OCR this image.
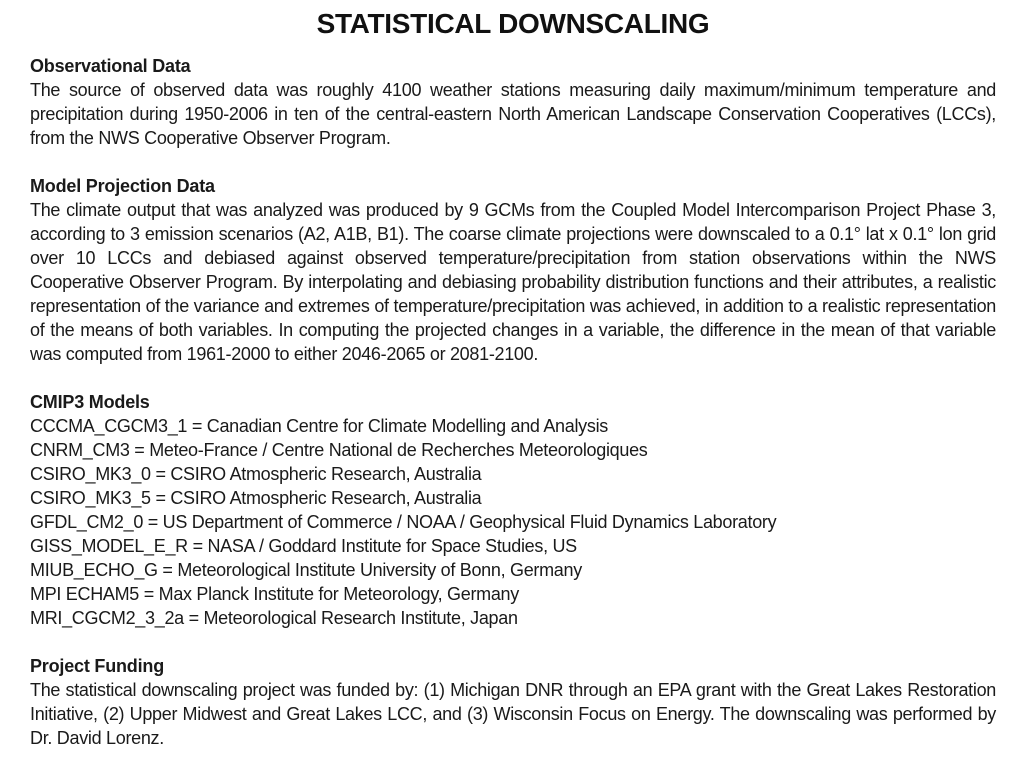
STATISTICAL DOWNSCALING
Observational Data

The source of observed data was roughly 4100 weather stations measuring daily maximum/minimum temperature and precipitation during 1950-2006 in ten of the central-eastern North American Landscape Conservation Cooperatives (LCCs), from the NWS Cooperative Observer Program.

Model Projection Data

The climate output that was analyzed was produced by 9 GCMs from the Coupled Model Intercomparison Project Phase 3, according to 3 emission scenarios (A2, A1B, B1). The coarse climate projections were downscaled to a 0.1° lat x 0.1° lon grid over 10 LCCs and debiased against observed temperature/precipitation from station observations within the NWS Cooperative Observer Program. By interpolating and debiasing probability distribution functions and their attributes, a realistic representation of the variance and extremes of temperature/precipitation was achieved, in addition to a realistic representation of the means of both variables. In computing the projected changes in a variable, the difference in the mean of that variable was computed from 1961-2000 to either 2046-2065 or 2081-2100.

CMIP3 Models
CCCMA_CGCM3_1 = Canadian Centre for Climate Modelling and Analysis
CNRM_CM3 = Meteo-France / Centre National de Recherches Meteorologiques
CSIRO_MK3_0 = CSIRO Atmospheric Research, Australia
CSIRO_MK3_5 = CSIRO Atmospheric Research, Australia
GFDL_CM2_0 = US Department of Commerce / NOAA / Geophysical Fluid Dynamics Laboratory
GISS_MODEL_E_R = NASA / Goddard Institute for Space Studies, US
MIUB_ECHO_G = Meteorological Institute University of Bonn, Germany
MPI ECHAM5 = Max Planck Institute for Meteorology, Germany
MRI_CGCM2_3_2a = Meteorological Research Institute, Japan
Project Funding

The statistical downscaling project was funded by: (1) Michigan DNR through an EPA grant with the Great Lakes Restoration Initiative, (2) Upper Midwest and Great Lakes LCC, and (3) Wisconsin Focus on Energy. The downscaling was performed by Dr. David Lorenz.
